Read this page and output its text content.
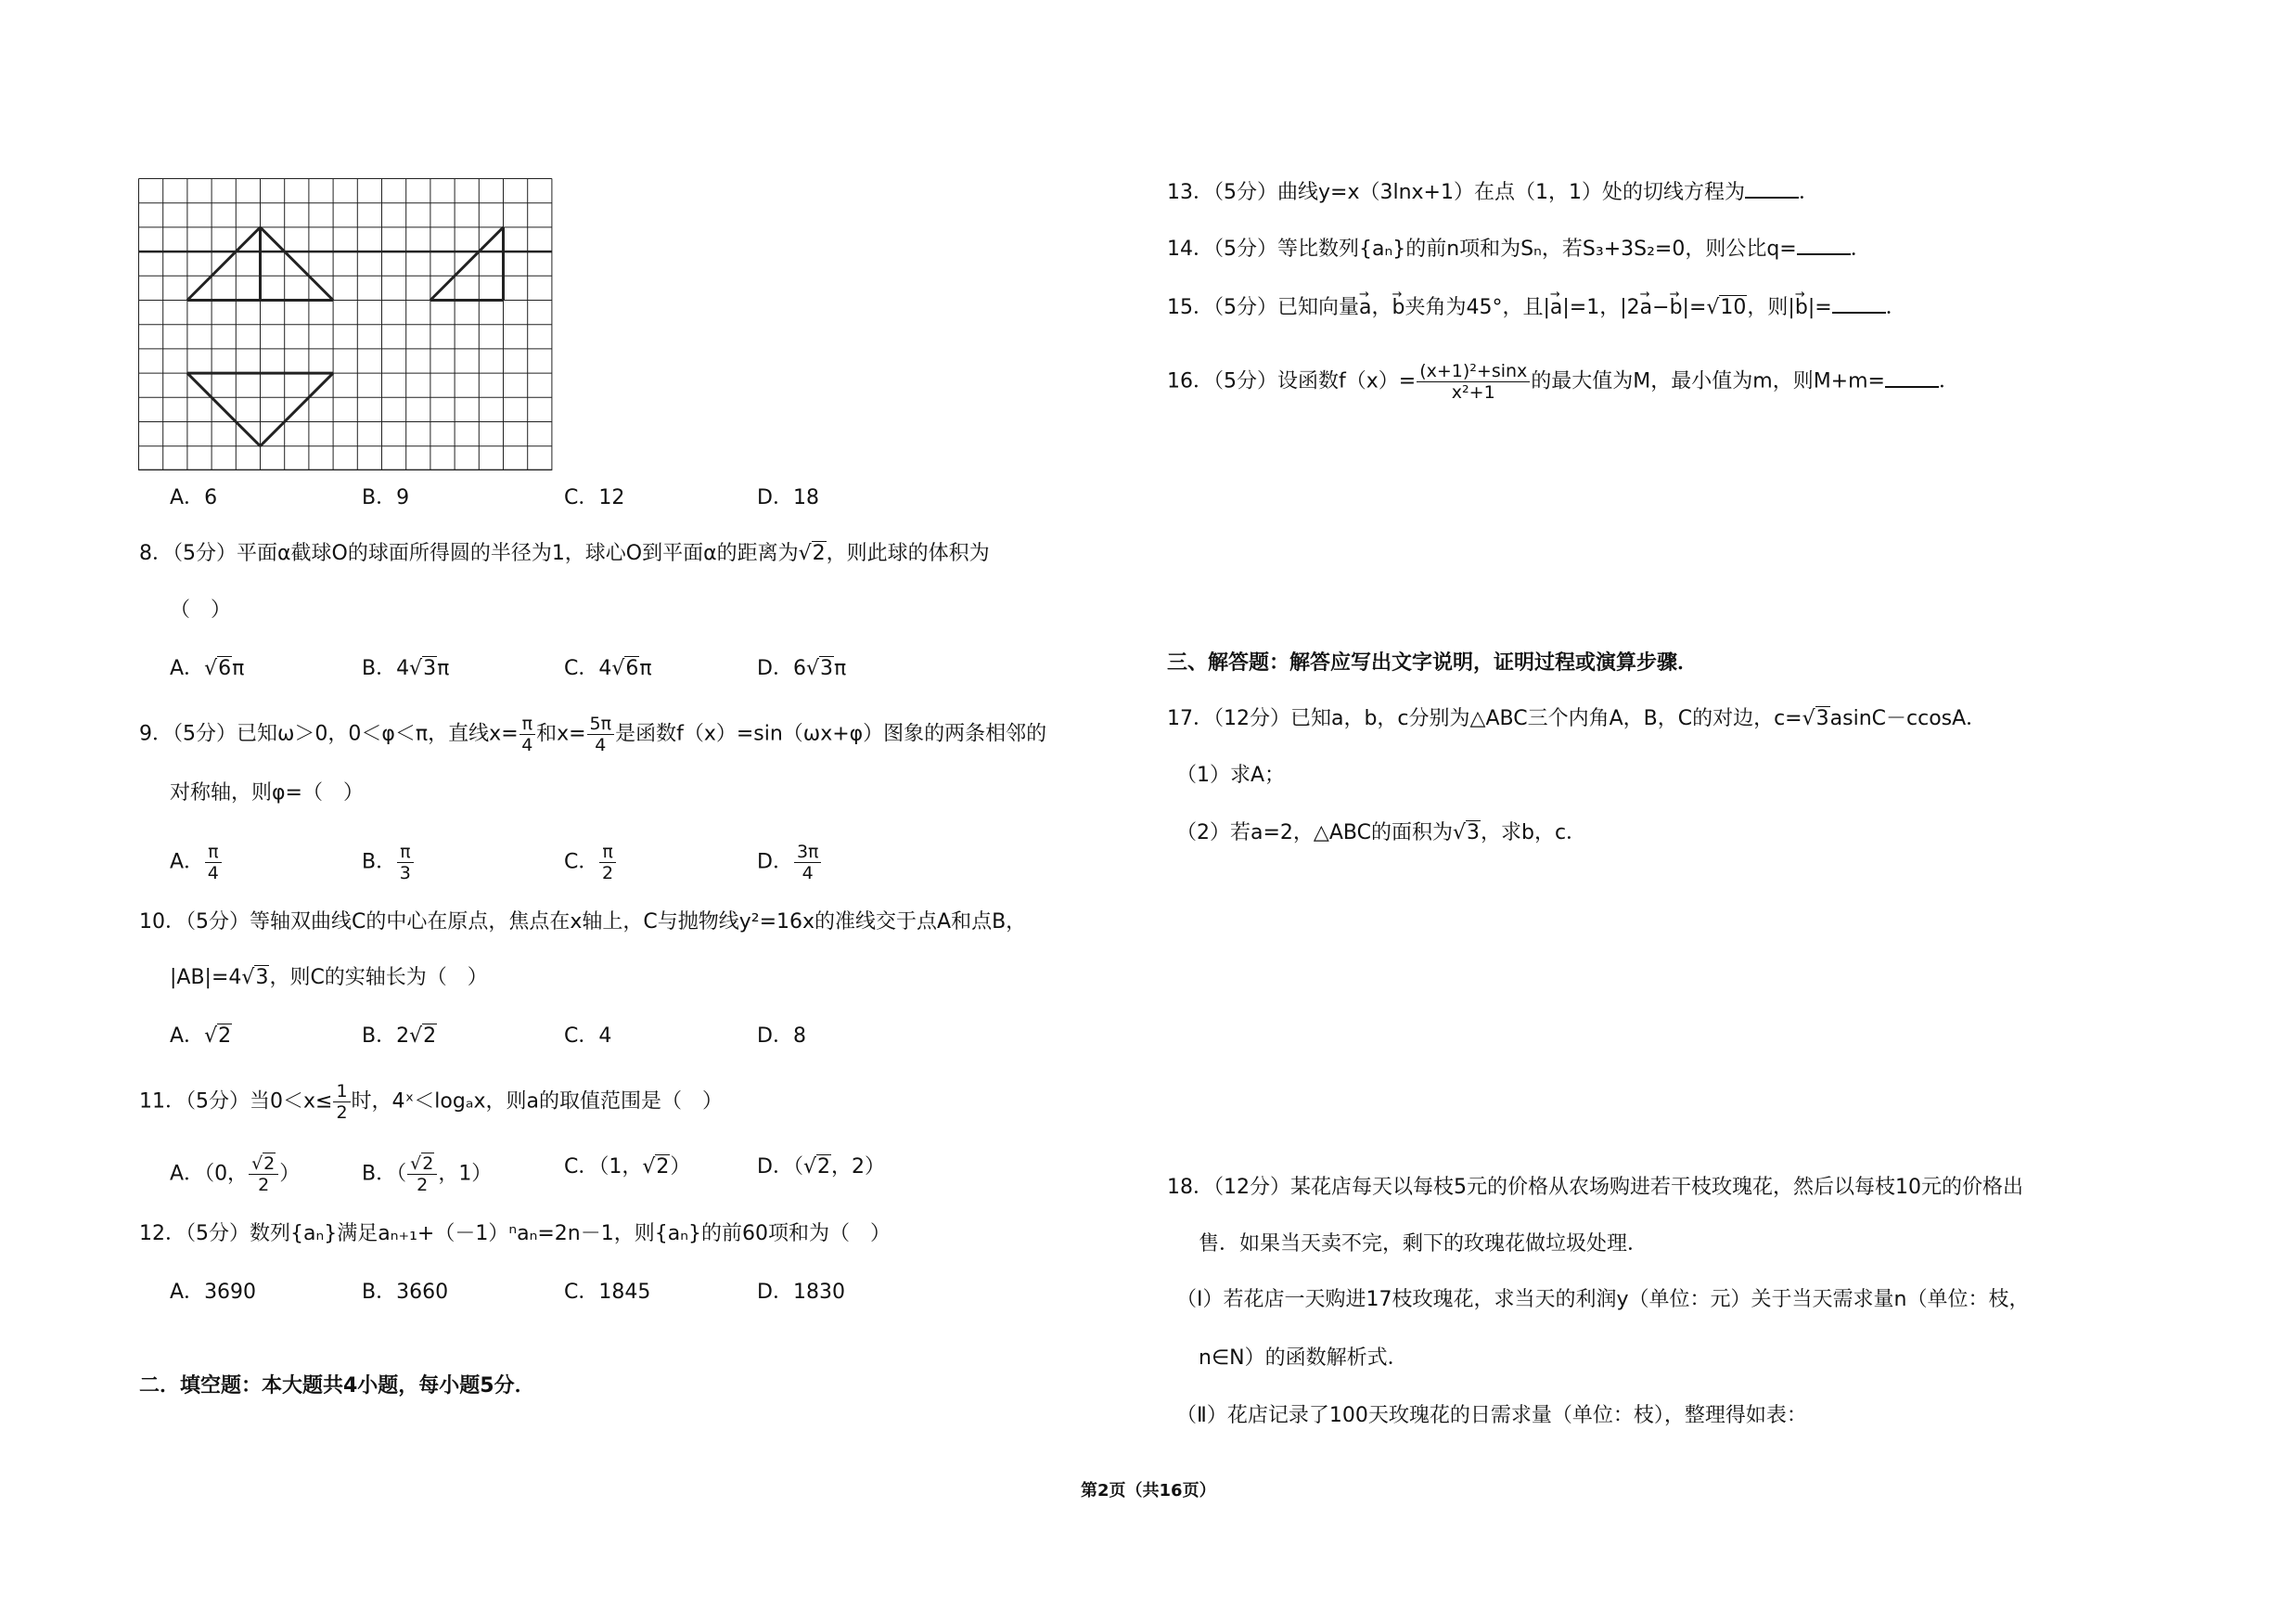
A．6	B．9	C．12	D．18
8．（5分）平面α截球O的球面所得圆的半径为1，球心O到平面α的距离为√2，则此球的体积为
（　）
A．√6π	B．4√3π	C．4√6π	D．6√3π
9．（5分）已知ω＞0，0＜φ＜π，直线$x= \frac{\pi}{4}$ 和$x= \frac{5\pi}{4}$ 是函数f（x）=sin（ωx+φ）图象的两条相邻的
对称轴，则φ=（　）
A． $\frac{\pi}{4}$	B． $\frac{\pi}{3}$	C． $\frac{\pi}{2}$	D． $\frac{3\pi}{4}$
10．（5分）等轴双曲线C的中心在原点，焦点在x轴上，C与抛物线y²=16x的准线交于点A和点B，
|AB|=4√3，则C的实轴长为（　）
A．√2	B．2√2	C．4	D．8
11．（5分）当$0<x\le \frac{1}{2}$ 时，4ˣ＜logₐx，则a的取值范围是（　）
A．（0， $\frac{√2}{2}$ ）	B．（ $\frac{√2}{2}$ ，1）	C．（1，√2）	D．（√2，2）
12．（5分）数列{aₙ}满足aₙ₊₁+（－1）ⁿaₙ=2n－1，则{aₙ}的前60项和为（　）
A．3690	B．3660	C．1845	D．1830
二．填空题：本大题共4小题，每小题5分．
13．（5分）曲线y=x（3lnx+1）在点（1，1）处的切线方程为	．
14．（5分）等比数列{aₙ}的前n项和为Sₙ，若S₃+3S₂=0，则公比q=	．
15．（5分）已知向量→ a，→ b夹角为45°，且|→ a|=1，|2→ a−→ b|=√10，则|→ b|=	．
16．（5分）设函数$f(x)= \frac{\text{(x+1)²+sinx}}{\text{x²+1}}$ 的最大值为M，最小值为m，则M+m=	．
三、解答题：解答应写出文字说明，证明过程或演算步骤．
17．（12分）已知a，b，c分别为△ABC三个内角A，B，C的对边，c=√3asinC－ccosA．
（1）求A；
（2）若a=2，△ABC的面积为√3，求b，c．
18．（12分）某花店每天以每枝5元的价格从农场购进若干枝玫瑰花，然后以每枝10元的价格出
售．如果当天卖不完，剩下的玫瑰花做垃圾处理．
（Ⅰ）若花店一天购进17枝玫瑰花，求当天的利润y（单位：元）关于当天需求量n（单位：枝，
n∈N）的函数解析式．
（Ⅱ）花店记录了100天玫瑰花的日需求量（单位：枝），整理得如表：
第2页（共16页）
